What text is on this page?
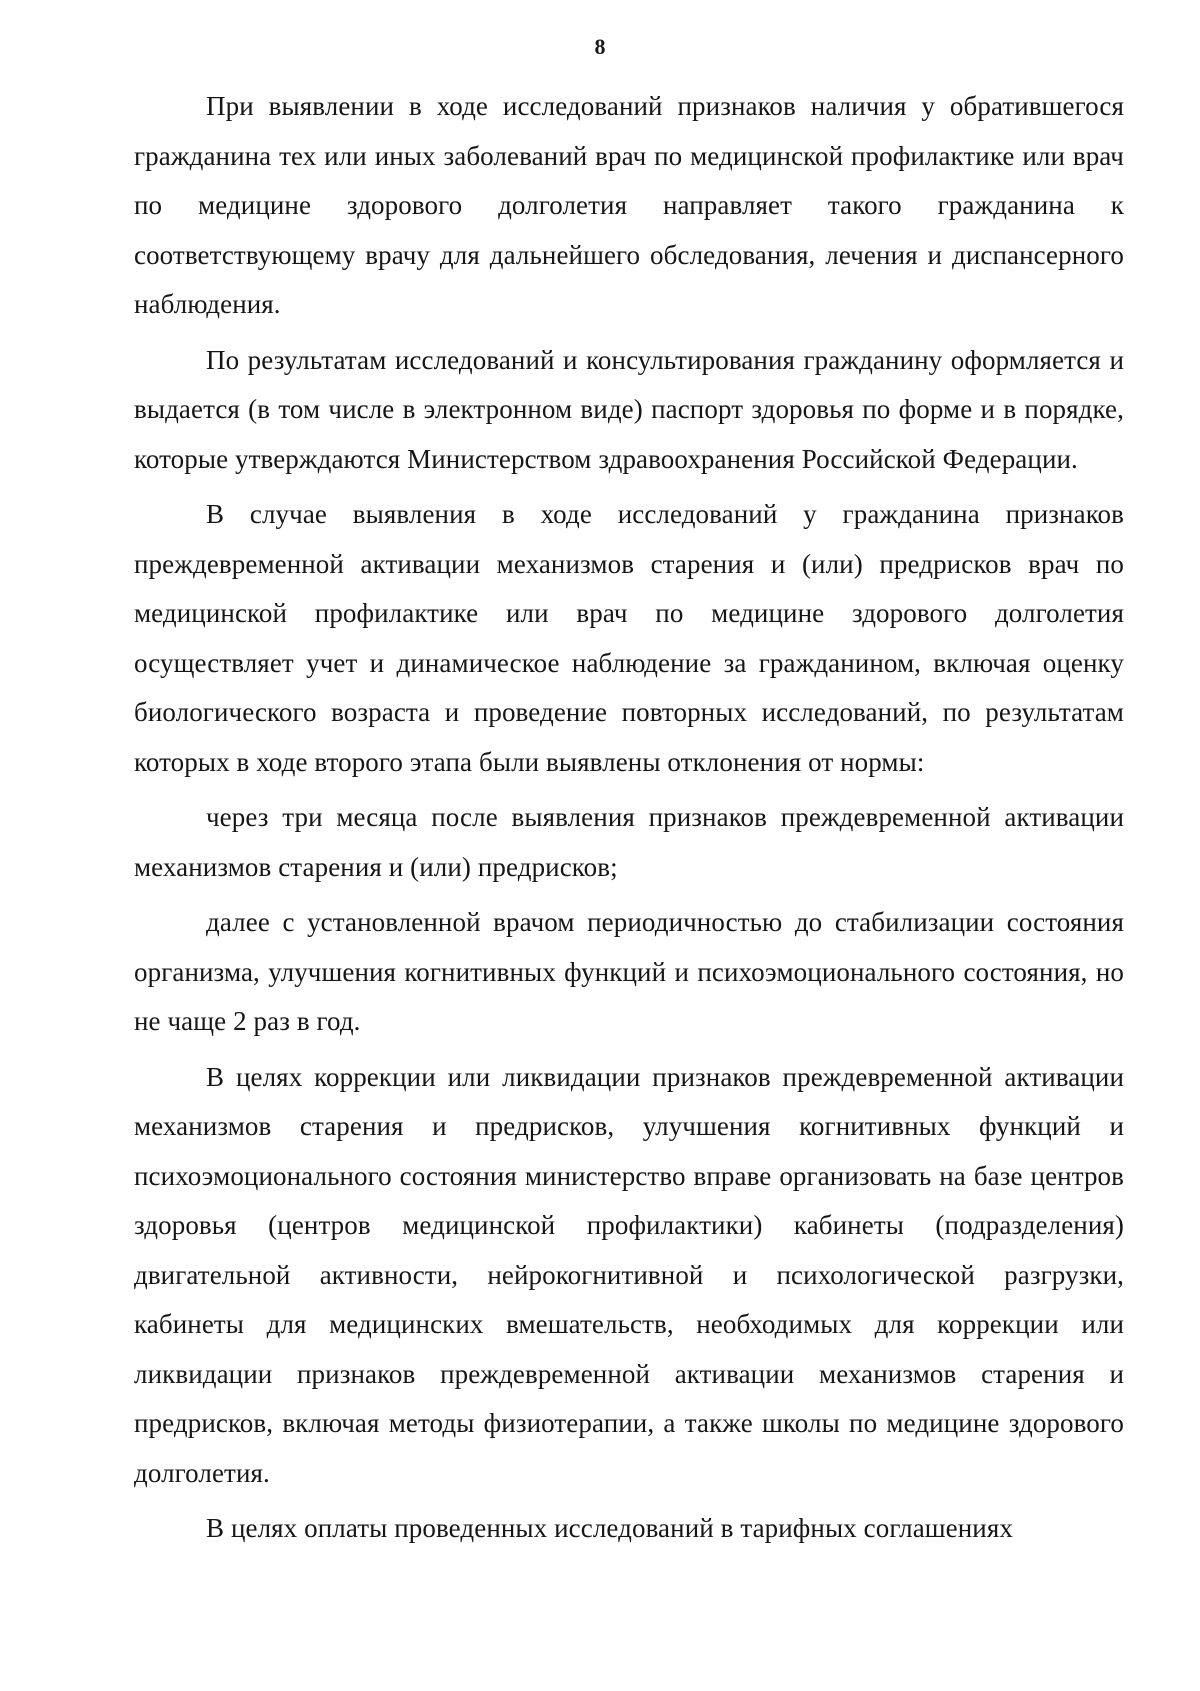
8

При выявлении в ходе исследований признаков наличия у обратившегося гражданина тех или иных заболеваний врач по медицинской профилактике или врач по медицине здорового долголетия направляет такого гражданина к соответствующему врачу для дальнейшего обследования, лечения и диспансерного наблюдения.

По результатам исследований и консультирования гражданину оформляется и выдается (в том числе в электронном виде) паспорт здоровья по форме и в порядке, которые утверждаются Министерством здравоохранения Российской Федерации.

В случае выявления в ходе исследований у гражданина признаков преждевременной активации механизмов старения и (или) предрисков врач по медицинской профилактике или врач по медицине здорового долголетия осуществляет учет и динамическое наблюдение за гражданином, включая оценку биологического возраста и проведение повторных исследований, по результатам которых в ходе второго этапа были выявлены отклонения от нормы:

через три месяца после выявления признаков преждевременной активации механизмов старения и (или) предрисков;

далее с установленной врачом периодичностью до стабилизации состояния организма, улучшения когнитивных функций и психоэмоционального состояния, но не чаще 2 раз в год.

В целях коррекции или ликвидации признаков преждевременной активации механизмов старения и предрисков, улучшения когнитивных функций и психоэмоционального состояния министерство вправе организовать на базе центров здоровья (центров медицинской профилактики) кабинеты (подразделения) двигательной активности, нейрокогнитивной и психологической разгрузки, кабинеты для медицинских вмешательств, необходимых для коррекции или ликвидации признаков преждевременной активации механизмов старения и предрисков, включая методы физиотерапии, а также школы по медицине здорового долголетия.

В целях оплаты проведенных исследований в тарифных соглашениях
